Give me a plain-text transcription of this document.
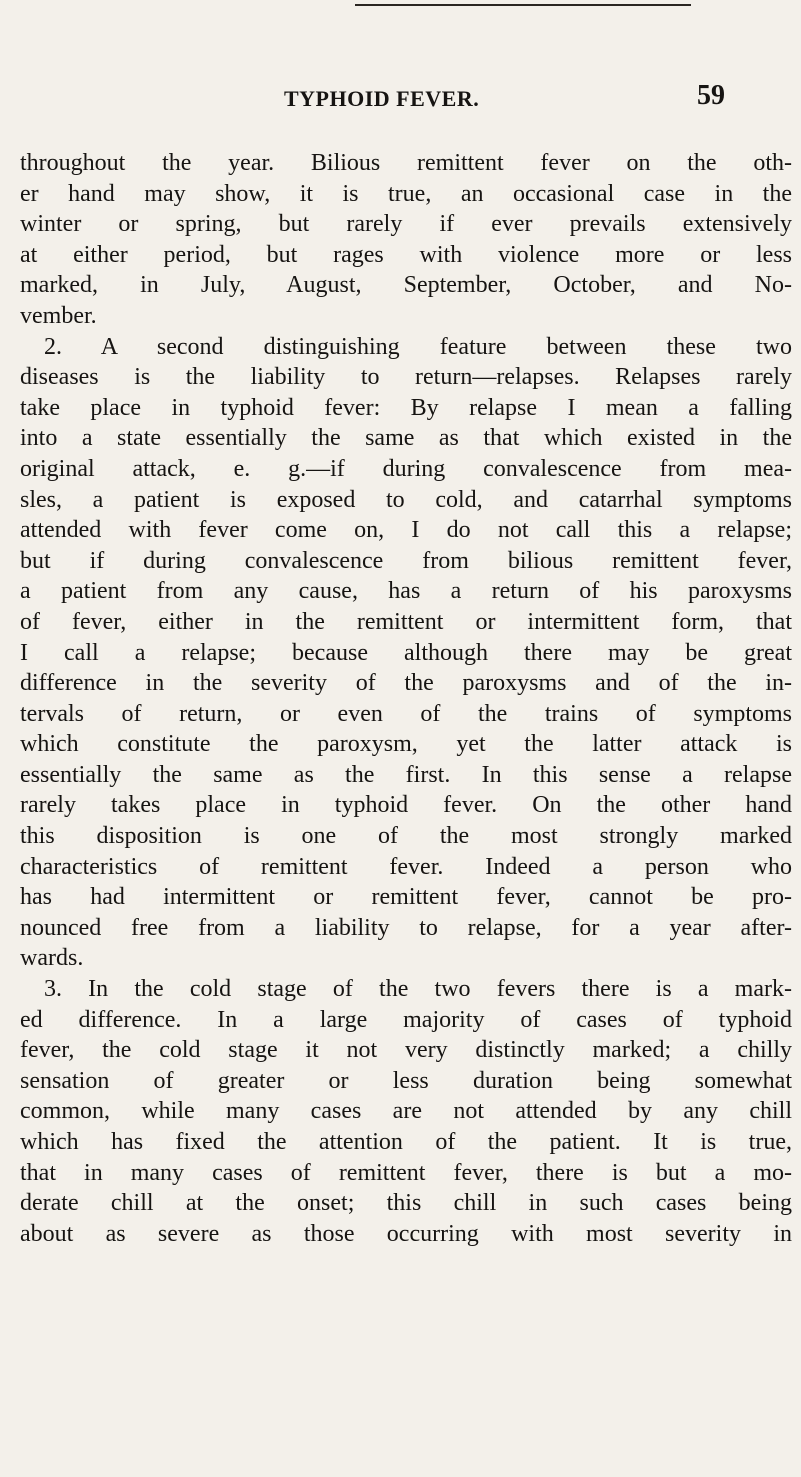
TYPHOID FEVER.	59
throughout the year. Bilious remittent fever on the oth-
er hand may show, it is true, an occasional case in the
winter or spring, but rarely if ever prevails extensively
at either period, but rages with violence more or less
marked, in July, August, September, October, and No-
vember.
2. A second distinguishing feature between these two
diseases is the liability to return—relapses. Relapses rarely
take place in typhoid fever: By relapse I mean a falling
into a state essentially the same as that which existed in the
original attack, e. g.—if during convalescence from mea-
sles, a patient is exposed to cold, and catarrhal symptoms
attended with fever come on, I do not call this a relapse;
but if during convalescence from bilious remittent fever,
a patient from any cause, has a return of his paroxysms
of fever, either in the remittent or intermittent form, that
I call a relapse; because although there may be great
difference in the severity of the paroxysms and of the in-
tervals of return, or even of the trains of symptoms
which constitute the paroxysm, yet the latter attack is
essentially the same as the first. In this sense a relapse
rarely takes place in typhoid fever. On the other hand
this disposition is one of the most strongly marked
characteristics of remittent fever. Indeed a person who
has had intermittent or remittent fever, cannot be pro-
nounced free from a liability to relapse, for a year after-
wards.
3. In the cold stage of the two fevers there is a mark-
ed difference. In a large majority of cases of typhoid
fever, the cold stage it not very distinctly marked; a chilly
sensation of greater or less duration being somewhat
common, while many cases are not attended by any chill
which has fixed the attention of the patient. It is true,
that in many cases of remittent fever, there is but a mo-
derate chill at the onset; this chill in such cases being
about as severe as those occurring with most severity in
